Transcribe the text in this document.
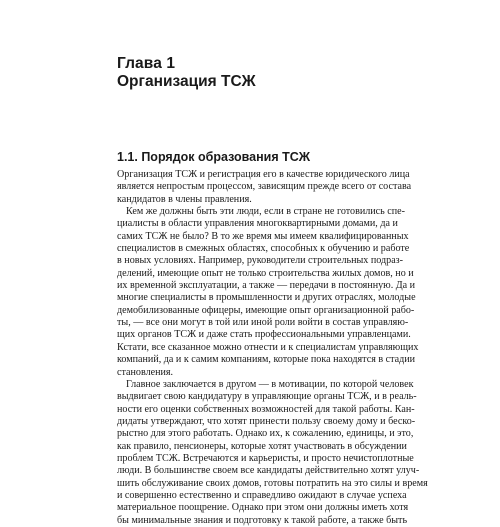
Глава 1
Организация ТСЖ
1.1. Порядок образования ТСЖ
Организация ТСЖ и регистрация его в качестве юридического лица
является непростым процессом, зависящим прежде всего от состава
кандидатов в члены правления.
Кем же должны быть эти люди, если в стране не готовились спе-
циалисты в области управления многоквартирными домами, да и
самих ТСЖ не было? В то же время мы имеем квалифицированных
специалистов в смежных областях, способных к обучению и работе
в новых условиях. Например, руководители строительных подраз-
делений, имеющие опыт не только строительства жилых домов, но и
их временной эксплуатации, а также — передачи в постоянную. Да и
многие специалисты в промышленности и других отраслях, молодые
демобилизованные офицеры, имеющие опыт организационной рабо-
ты, — все они могут в той или иной роли войти в состав управляю-
щих органов ТСЖ и даже стать профессиональными управленцами.
Кстати, все сказанное можно отнести и к специалистам управляющих
компаний, да и к самим компаниям, которые пока находятся в стадии
становления.
Главное заключается в другом — в мотивации, по которой человек
выдвигает свою кандидатуру в управляющие органы ТСЖ, и в реаль-
ности его оценки собственных возможностей для такой работы. Кан-
дидаты утверждают, что хотят принести пользу своему дому и беско-
рыстно для этого работать. Однако их, к сожалению, единицы, и это,
как правило, пенсионеры, которые хотят участвовать в обсуждении
проблем ТСЖ. Встречаются и карьеристы, и просто нечистоплотные
люди. В большинстве своем все кандидаты действительно хотят улуч-
шить обслуживание своих домов, готовы потратить на это силы и время
и совершенно естественно и справедливо ожидают в случае успеха
материальное поощрение. Однако при этом они должны иметь хотя
бы минимальные знания и подготовку к такой работе, а также быть
